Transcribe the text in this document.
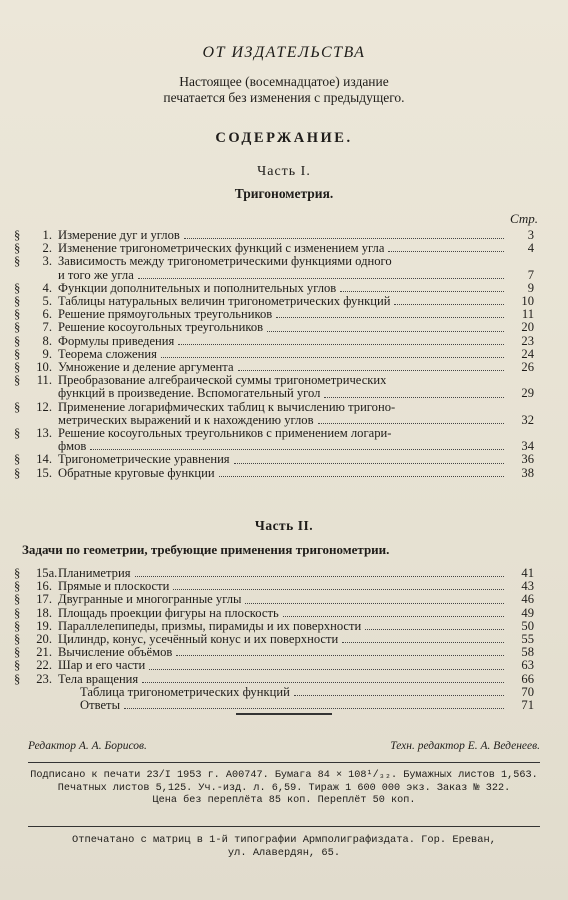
ОТ ИЗДАТЕЛЬСТВА
Настоящее (восемнадцатое) издание
печатается без изменения с предыдущего.
СОДЕРЖАНИЕ.
Часть I.
Тригонометрия.
Стр.
§	1. Измерение дуг и углов	3
§	2. Изменение тригонометрических функций с изменением угла	4
§	3. Зависимость между тригонометрическими функциями одного
и того же угла	7
§	4. Функции дополнительных и пополнительных углов	9
§	5. Таблицы натуральных величин тригонометрических функций	10
§	6. Решение прямоугольных треугольников	11
§	7. Решение косоугольных треугольников	20
§	8. Формулы приведения	23
§	9. Теорема сложения	24
§	10. Умножение и деление аргумента	26
§	11. Преобразование алгебраической суммы тригонометрических
функций в произведение. Вспомогательный угол	29
§	12. Применение логарифмических таблиц к вычислению тригоно-
метрических выражений и к нахождению углов	32
§	13. Решение косоугольных треугольников с применением логари-
фмов	34
§	14. Тригонометрические уравнения	36
§	15. Обратные круговые функции	38
Часть II.
Задачи по геометрии, требующие применения тригонометрии.
§	15а. Планиметрия	41
§	16. Прямые и плоскости	43
§	17. Двугранные и многогранные углы	46
§	18. Площадь проекции фигуры на плоскость	49
§	19. Параллелепипеды, призмы, пирамиды и их поверхности	50
§	20. Цилиндр, конус, усечённый конус и их поверхности	55
§	21. Вычисление объёмов	58
§	22. Шар и его части	63
§	23. Тела вращения	66
Таблица тригонометрических функций	70
Ответы	71
Редактор А. А. Борисов.	Техн. редактор Е. А. Веденеев.
Подписано к печати 23/I 1953 г. А00747. Бумага 84 × 108¹/₃₂. Бумажных листов 1,563.
Печатных листов 5,125. Уч.-изд. л. 6,59. Тираж 1 600 000 экз. Заказ № 322.
Цена без переплёта 85 коп. Переплёт 50 коп.
Отпечатано с матриц в 1-й типографии Армполиграфиздата. Гор. Ереван,
ул. Алавердян, 65.
